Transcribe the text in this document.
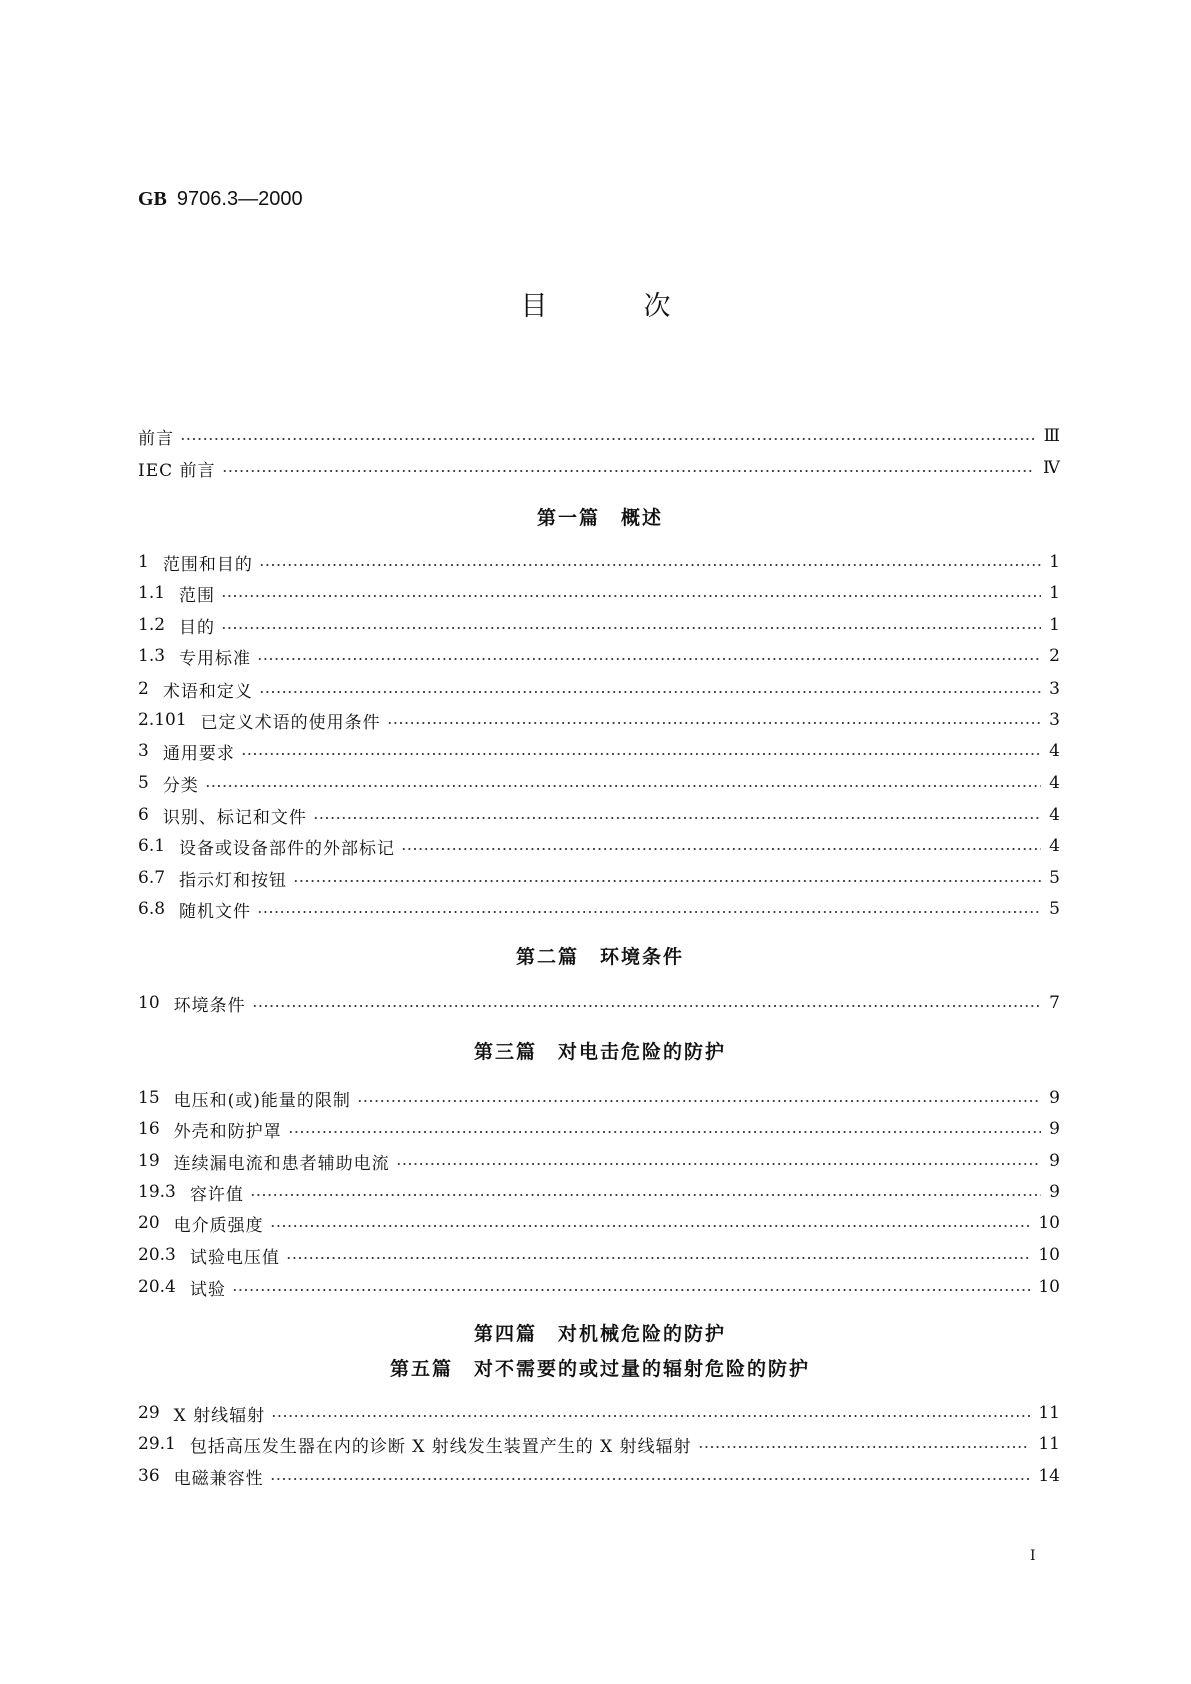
GB 9706.3—2000
目次
前言	Ⅲ
IEC 前言	Ⅳ
第一篇　概述
1 范围和目的	1
1.1 范围	1
1.2 目的	1
1.3 专用标准	2
2 术语和定义	3
2.101 已定义术语的使用条件	3
3 通用要求	4
5 分类	4
6 识别、标记和文件	4
6.1 设备或设备部件的外部标记	4
6.7 指示灯和按钮	5
6.8 随机文件	5
第二篇　环境条件
10 环境条件	7
第三篇　对电击危险的防护
15 电压和(或)能量的限制	9
16 外壳和防护罩	9
19 连续漏电流和患者辅助电流	9
19.3 容许值	9
20 电介质强度	10
20.3 试验电压值	10
20.4 试验	10
第四篇　对机械危险的防护
第五篇　对不需要的或过量的辐射危险的防护
29 X 射线辐射	11
29.1 包括高压发生器在内的诊断 X 射线发生装置产生的 X 射线辐射	11
36 电磁兼容性	14
I
